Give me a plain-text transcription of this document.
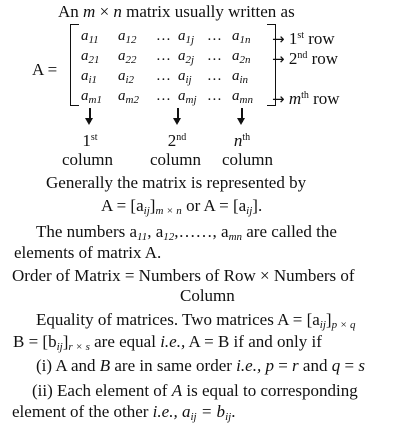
An m × n matrix usually written as
A =
$a_{11}$ $a_{12}$ … $a_{1j}$ … $a_{1n}$
$a_{21}$ $a_{22}$ … $a_{2j}$ … $a_{2n}$
$a_{i1}$ $a_{i2}$ … $a_{ij}$ … $a_{in}$
$a_{m1}$ $a_{m2}$ … $a_{mj}$ … $a_{mn}$
→ 1st row
→ 2nd row
→ $m^{th}$ row
1st	2nd	$n^{th}$
column column column
Generally the matrix is represented by
$A = [a_{ij}]_{m \times n}$ or $A = [a_{ij}]$.
The numbers $a_{11}$, $a_{12},\dots\dots$, $a_{mn}$ are called the
elements of matrix A.
Order of Matrix = Numbers of Row × Numbers of
Column
Equality of matrices. Two matrices $A = [a_{ij}]_{p \times q}$
$B = [b_{ij}]_{r \times s}$ are equal i.e., A = B if and only if
(i) A and B are in same order i.e., p = r and q = s
(ii) Each element of A is equal to corresponding
element of the other i.e., $a_{ij} = b_{ij}$.
